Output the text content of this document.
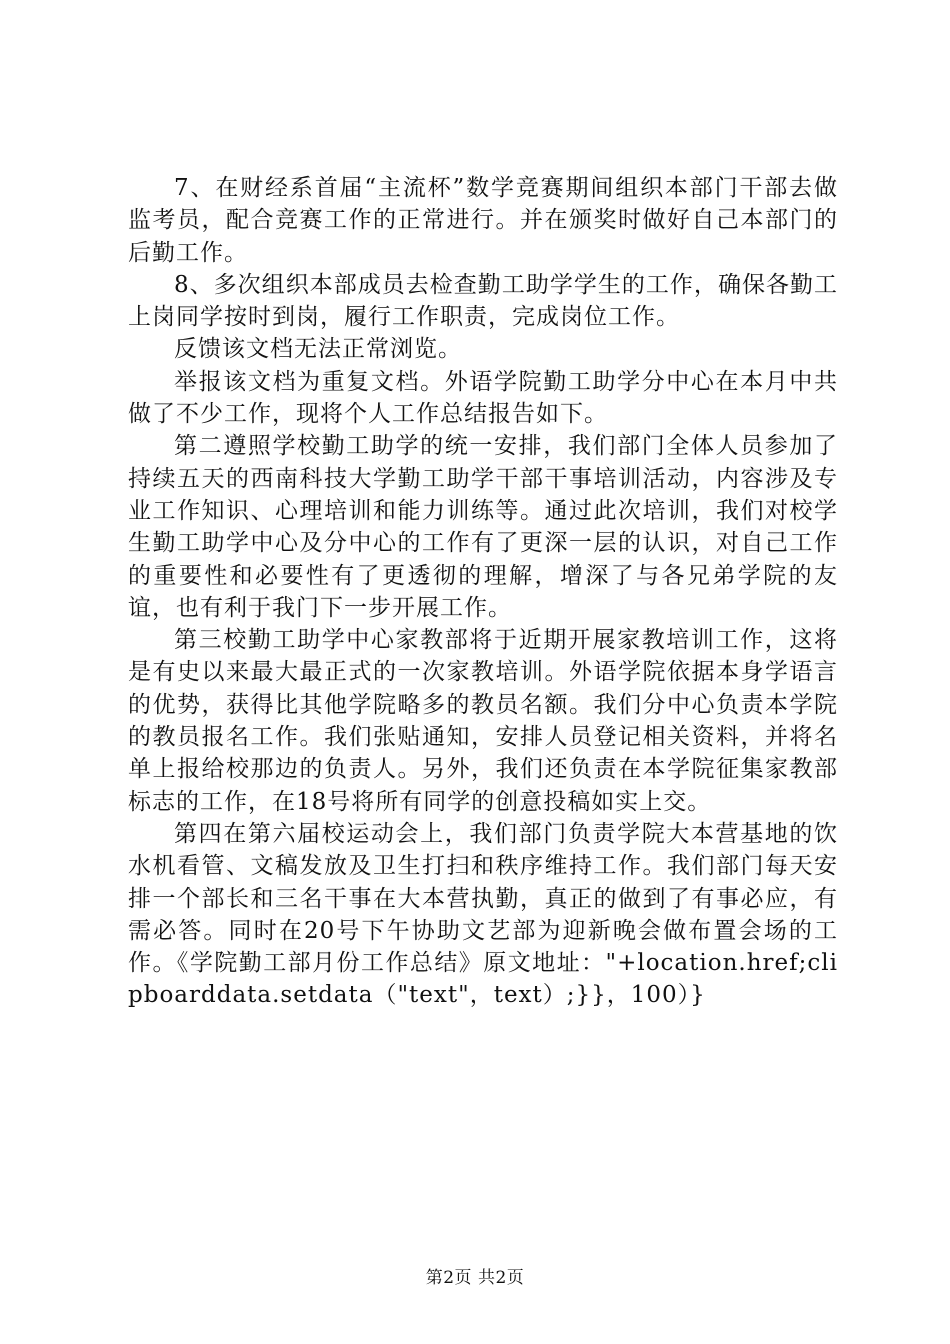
7、在财经系首届“主流杯”数学竞赛期间组织本部门干部去做监考员，配合竞赛工作的正常进行。并在颁奖时做好自己本部门的后勤工作。

8、多次组织本部成员去检查勤工助学学生的工作，确保各勤工上岗同学按时到岗，履行工作职责，完成岗位工作。

反馈该文档无法正常浏览。

举报该文档为重复文档。外语学院勤工助学分中心在本月中共做了不少工作，现将个人工作总结报告如下。

第二遵照学校勤工助学的统一安排，我们部门全体人员参加了持续五天的西南科技大学勤工助学干部干事培训活动，内容涉及专业工作知识、心理培训和能力训练等。通过此次培训，我们对校学生勤工助学中心及分中心的工作有了更深一层的认识，对自己工作的重要性和必要性有了更透彻的理解，增深了与各兄弟学院的友谊，也有利于我门下一步开展工作。

第三校勤工助学中心家教部将于近期开展家教培训工作，这将是有史以来最大最正式的一次家教培训。外语学院依据本身学语言的优势，获得比其他学院略多的教员名额。我们分中心负责本学院的教员报名工作。我们张贴通知，安排人员登记相关资料，并将名单上报给校那边的负责人。另外，我们还负责在本学院征集家教部标志的工作，在18号将所有同学的创意投稿如实上交。

第四在第六届校运动会上，我们部门负责学院大本营基地的饮水机看管、文稿发放及卫生打扫和秩序维持工作。我们部门每天安排一个部长和三名干事在大本营执勤，真正的做到了有事必应，有需必答。同时在20号下午协助文艺部为迎新晚会做布置会场的工作。《学院勤工部月份工作总结》原文地址："+location.href;clipboarddata.setdata（"text"，text）;}}，100）}

第2页 共2页
